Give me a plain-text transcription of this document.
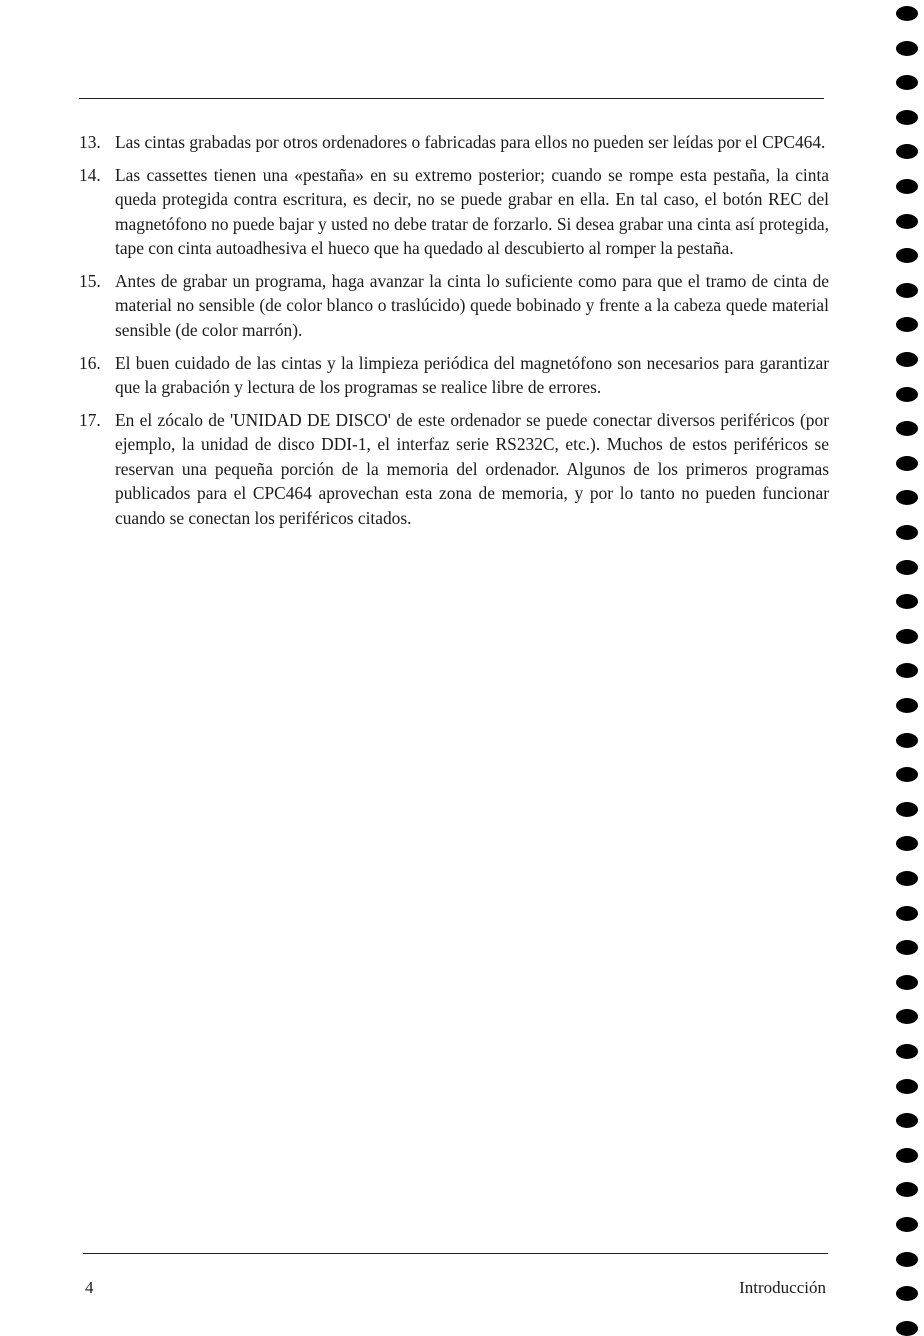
13. Las cintas grabadas por otros ordenadores o fabricadas para ellos no pueden ser leídas por el CPC464.
14. Las cassettes tienen una «pestaña» en su extremo posterior; cuando se rompe esta pestaña, la cinta queda protegida contra escritura, es decir, no se puede grabar en ella. En tal caso, el botón REC del magnetófono no puede bajar y usted no debe tratar de forzarlo. Si desea grabar una cinta así protegida, tape con cinta autoadhesiva el hueco que ha quedado al descubierto al romper la pestaña.
15. Antes de grabar un programa, haga avanzar la cinta lo suficiente como para que el tramo de cinta de material no sensible (de color blanco o traslúcido) quede bobinado y frente a la cabeza quede material sensible (de color marrón).
16. El buen cuidado de las cintas y la limpieza periódica del magnetófono son necesarios para garantizar que la grabación y lectura de los programas se realice libre de errores.
17. En el zócalo de 'UNIDAD DE DISCO' de este ordenador se puede conectar diversos periféricos (por ejemplo, la unidad de disco DDI-1, el interfaz serie RS232C, etc.). Muchos de estos periféricos se reservan una pequeña porción de la memoria del ordenador. Algunos de los primeros programas publicados para el CPC464 aprovechan esta zona de memoria, y por lo tanto no pueden funcionar cuando se conectan los periféricos citados.
4	Introducción
